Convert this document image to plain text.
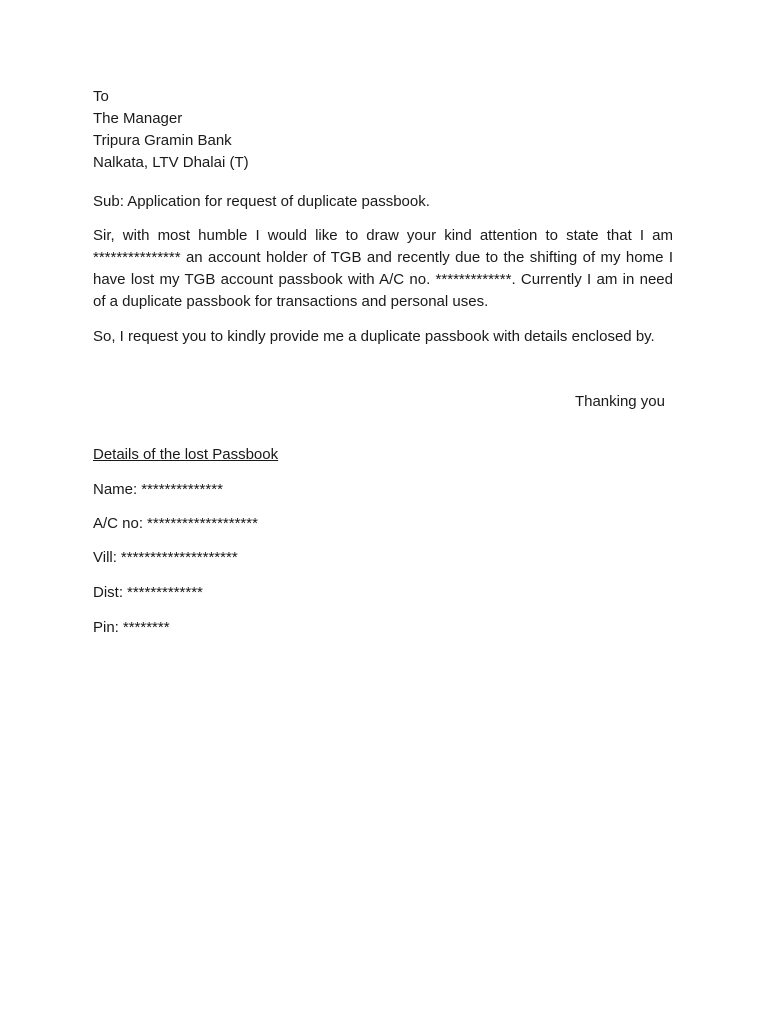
To
The Manager
Tripura Gramin Bank
Nalkata, LTV Dhalai (T)
Sub: Application for request of duplicate passbook.
Sir, with most humble I would like to draw your kind attention to state that I am *************** an account holder of TGB and recently due to the shifting of my home I have lost my TGB account passbook with A/C no. *************. Currently I am in need of a duplicate passbook for transactions and personal uses.
So, I request you to kindly provide me a duplicate passbook with details enclosed by.
Thanking you
Details of the lost Passbook
Name: **************
A/C no: *******************
Vill: ********************
Dist: *************
Pin: ********
